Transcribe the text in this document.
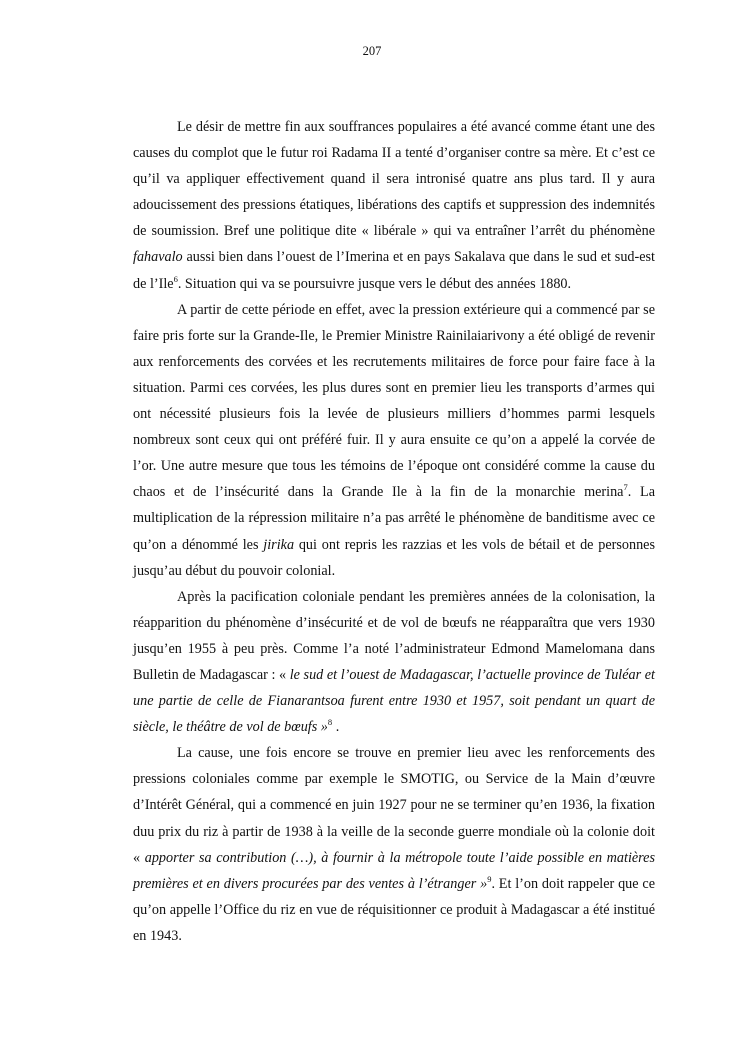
207

Le désir de mettre fin aux souffrances populaires a été avancé comme étant une des causes du complot que le futur roi Radama II a tenté d’organiser contre sa mère. Et c’est ce qu’il va appliquer effectivement quand il sera intronisé quatre ans plus tard. Il y aura adoucissement des pressions étatiques, libérations des captifs et suppression des indemnités de soumission. Bref une politique dite « libérale » qui va entraîner l’arrêt du phénomène fahavalo aussi bien dans l’ouest de l’Imerina et en pays Sakalava que dans le sud et sud-est de l’Ile$^6$. Situation qui va se poursuivre jusque vers le début des années 1880.

A partir de cette période en effet, avec la pression extérieure qui a commencé par se faire pris forte sur la Grande-Ile, le Premier Ministre Rainilaiarivony a été obligé de revenir aux renforcements des corvées et les recrutements militaires de force pour faire face à la situation. Parmi ces corvées, les plus dures sont en premier lieu les transports d’armes qui ont nécessité plusieurs fois la levée de plusieurs milliers d’hommes parmi lesquels nombreux sont ceux qui ont préféré fuir. Il y aura ensuite ce qu’on a appelé la corvée de l’or. Une autre mesure que tous les témoins de l’époque ont considéré comme la cause du chaos et de l’insécurité dans la Grande Ile à la fin de la monarchie merina$^7$. La multiplication de la répression militaire n’a pas arrêté le phénomène de banditisme avec ce qu’on a dénommé les jirika qui ont repris les razzias et les vols de bétail et de personnes jusqu’au début du pouvoir colonial.

Après la pacification coloniale pendant les premières années de la colonisation, la réapparition du phénomène d’insécurité et de vol de bœufs ne réapparaîtra que vers 1930 jusqu’en 1955 à peu près. Comme l’a noté l’administrateur Edmond Mamelomana dans Bulletin de Madagascar : « le sud et l’ouest de Madagascar, l’actuelle province de Tuléar et une partie de celle de Fianarantsoa furent entre 1930 et 1957, soit pendant un quart de siècle, le théâtre de vol de bœufs »$^8$ .

La cause, une fois encore se trouve en premier lieu avec les renforcements des pressions coloniales comme par exemple le SMOTIG, ou Service de la Main d’œuvre d’Intérêt Général, qui a commencé en juin 1927 pour ne se terminer qu’en 1936, la fixation duu prix du riz à partir de 1938 à la veille de la seconde guerre mondiale où la colonie doit « apporter sa contribution (…), à fournir à la métropole toute l’aide possible en matières premières et en divers procurées par des ventes à l’étranger »$^9$. Et l’on doit rappeler que ce qu’on appelle l’Office du riz en vue de réquisitionner ce produit à Madagascar a été institué en 1943.
